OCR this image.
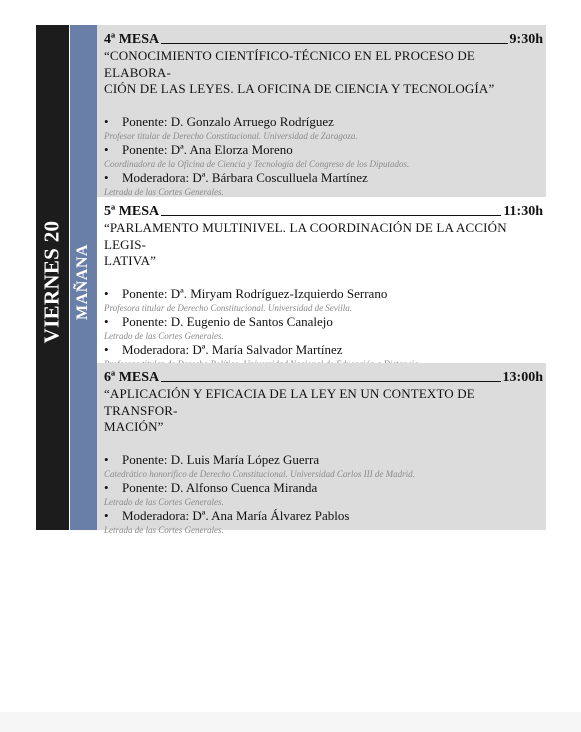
VIERNES 20 MAÑANA
4ª MESA	9:30h
“CONOCIMIENTO CIENTÍFICO-TÉCNICO EN EL PROCESO DE ELABORA-
CIÓN DE LAS LEYES. LA OFICINA DE CIENCIA Y TECNOLOGÍA”
•	Ponente: D. Gonzalo Arruego Rodríguez
Profesor titular de Derecho Constitucional. Universidad de Zaragoza.
•	Ponente: Dª. Ana Elorza Moreno
Coordinadora de la Oficina de Ciencia y Tecnología del Congreso de los Diputados.
•	Moderadora: Dª. Bárbara Cosculluela Martínez
Letrada de las Cortes Generales.
5ª MESA	11:30h
“PARLAMENTO MULTINIVEL. LA COORDINACIÓN DE LA ACCIÓN LEGIS-
LATIVA”
•	Ponente: Dª. Miryam Rodríguez-Izquierdo Serrano
Profesora titular de Derecho Constitucional. Universidad de Sevilla.
•	Ponente: D. Eugenio de Santos Canalejo
Letrado de las Cortes Generales.
•	Moderadora: Dª. María Salvador Martínez
6ª MESA	13:00h
“APLICACIÓN Y EFICACIA DE LA LEY EN UN CONTEXTO DE TRANSFOR-
MACIÓN”
•	Ponente: D. Luis María López Guerra
Catedrático honorífico de Derecho Constitucional. Universidad Carlos III de Madrid.
•	Ponente: D. Alfonso Cuenca Miranda
Letrado de las Cortes Generales.
•	Moderadora: Dª. Ana María Álvarez Pablos
Letrada de las Cortes Generales.
